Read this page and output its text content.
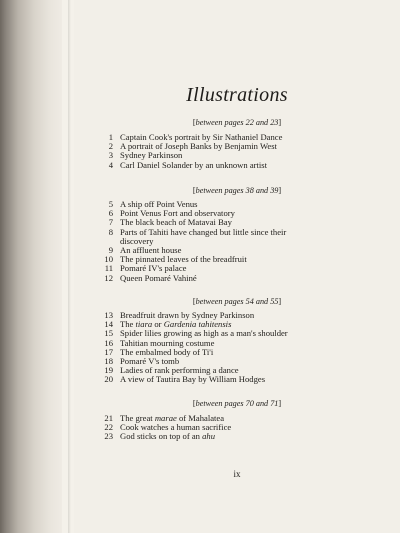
Illustrations
[between pages 22 and 23]
1 Captain Cook's portrait by Sir Nathaniel Dance
2 A portrait of Joseph Banks by Benjamin West
3 Sydney Parkinson
4 Carl Daniel Solander by an unknown artist
[between pages 38 and 39]
5 A ship off Point Venus
6 Point Venus Fort and observatory
7 The black beach of Matavai Bay
8 Parts of Tahiti have changed but little since their discovery
9 An affluent house
10 The pinnated leaves of the breadfruit
11 Pomaré IV's palace
12 Queen Pomaré Vahiné
[between pages 54 and 55]
13 Breadfruit drawn by Sydney Parkinson
14 The tiara or Gardenia tahitensis
15 Spider lilies growing as high as a man's shoulder
16 Tahitian mourning costume
17 The embalmed body of Ti'i
18 Pomaré V's tomb
19 Ladies of rank performing a dance
20 A view of Tautira Bay by William Hodges
[between pages 70 and 71]
21 The great marae of Mahalatea
22 Cook watches a human sacrifice
23 God sticks on top of an ahu
ix
